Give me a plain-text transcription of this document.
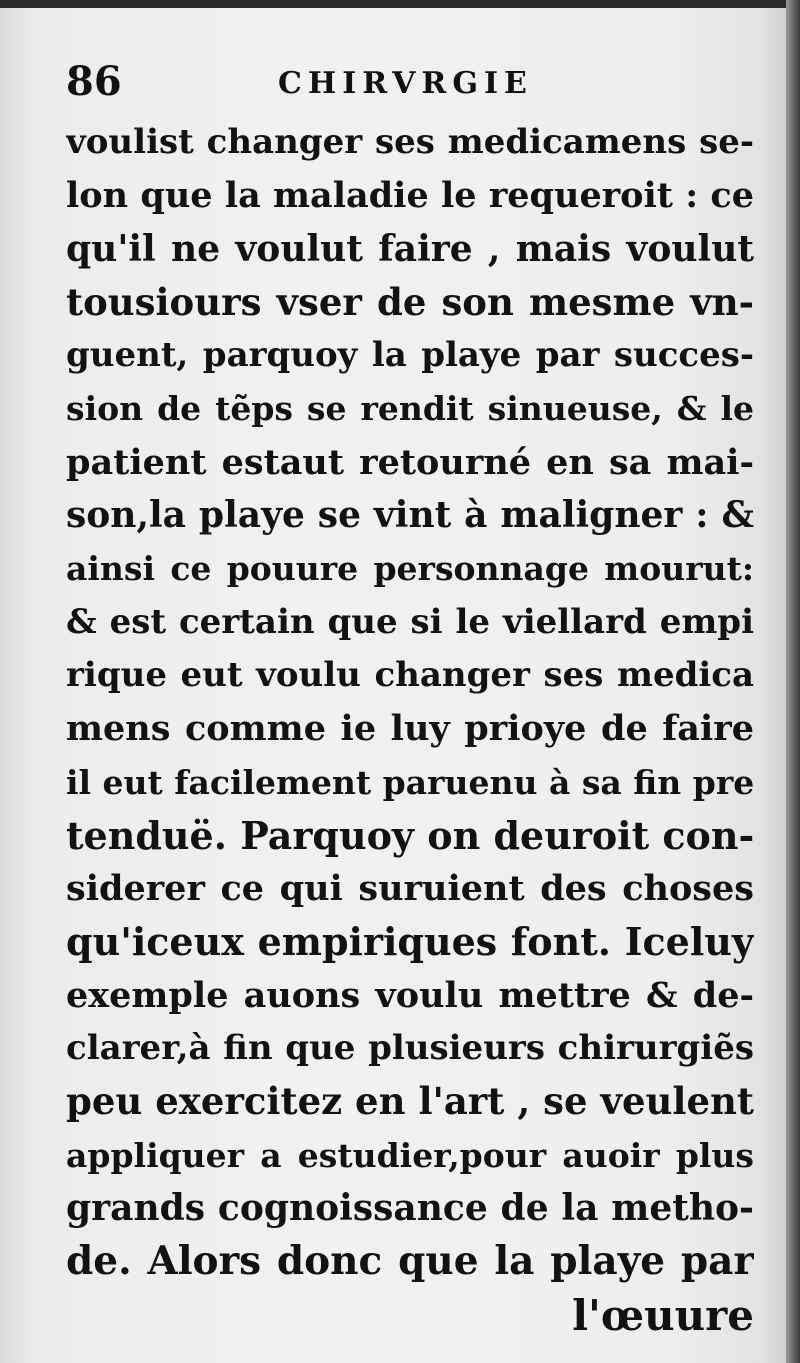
86	CHIRVRGIE
voulist changer ses medicamens se-
lon que la maladie le requeroit : ce
qu'il ne voulut faire , mais voulut
tousiours vser de son mesme vn-
guent, parquoy la playe par succes-
sion de tẽps se rendit sinueuse, & le
patient estaut retourné en sa mai-
son,la playe se vint à maligner : &
ainsi ce pouure personnage mourut:
& est certain que si le viellard empi
rique eut voulu changer ses medica
mens comme ie luy prioye de faire
il eut facilement paruenu à sa fin pre
tenduë. Parquoy on deuroit con-
siderer ce qui suruient des choses
qu'iceux empiriques font. Iceluy
exemple auons voulu mettre & de-
clarer,à fin que plusieurs chirurgiẽs
peu exercitez en l'art , se veulent
appliquer a estudier,pour auoir plus
grands cognoissance de la metho-
de. Alors donc que la playe par
l'œuure
